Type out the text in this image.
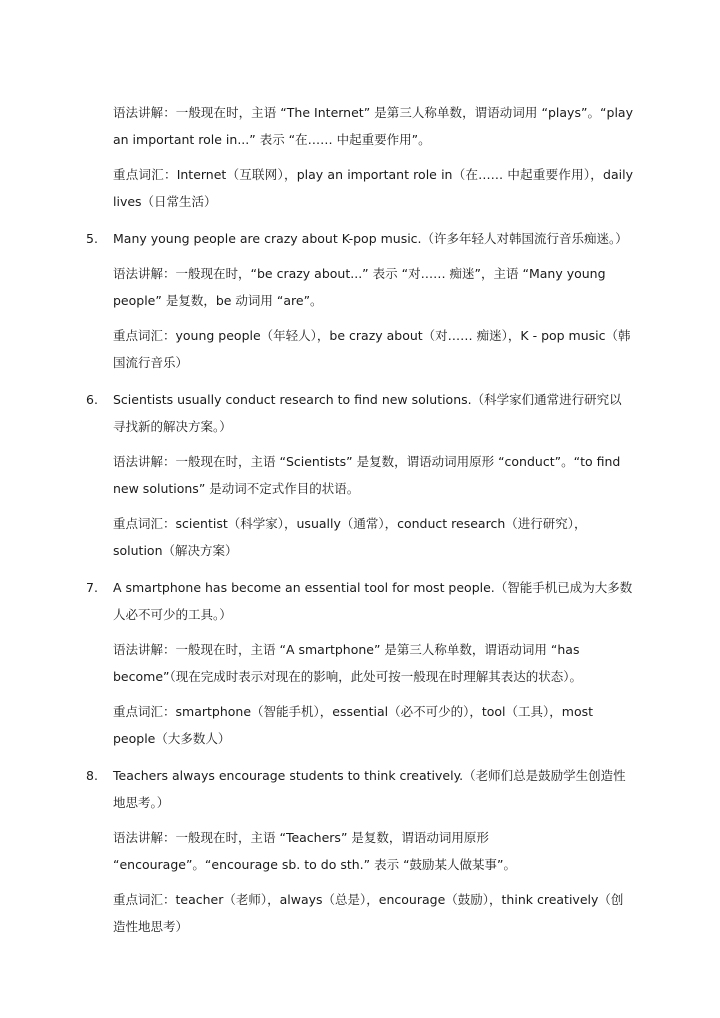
语法讲解：一般现在时，主语 “The Internet” 是第三人称单数，谓语动词用 “plays”。“play an important role in...” 表示 “在…… 中起重要作用”。

重点词汇：Internet（互联网），play an important role in（在…… 中起重要作用），daily lives（日常生活）

5. Many young people are crazy about K-pop music.（许多年轻人对韩国流行音乐痴迷。）

语法讲解：一般现在时，“be crazy about...” 表示 “对…… 痴迷”，主语 “Many young people” 是复数，be 动词用 “are”。

重点词汇：young people（年轻人），be crazy about（对…… 痴迷），K - pop music（韩国流行音乐）

6. Scientists usually conduct research to find new solutions.（科学家们通常进行研究以寻找新的解决方案。）

语法讲解：一般现在时，主语 “Scientists” 是复数，谓语动词用原形 “conduct”。“to find new solutions” 是动词不定式作目的状语。

重点词汇：scientist（科学家），usually（通常），conduct research（进行研究），solution（解决方案）

7. A smartphone has become an essential tool for most people.（智能手机已成为大多数人必不可少的工具。）

语法讲解：一般现在时，主语 “A smartphone” 是第三人称单数，谓语动词用 “has become”（现在完成时表示对现在的影响，此处可按一般现在时理解其表达的状态）。

重点词汇：smartphone（智能手机），essential（必不可少的），tool（工具），most people（大多数人）

8. Teachers always encourage students to think creatively.（老师们总是鼓励学生创造性地思考。）

语法讲解：一般现在时，主语 “Teachers” 是复数，谓语动词用原形 “encourage”。“encourage sb. to do sth.” 表示 “鼓励某人做某事”。

重点词汇：teacher（老师），always（总是），encourage（鼓励），think creatively（创造性地思考）
